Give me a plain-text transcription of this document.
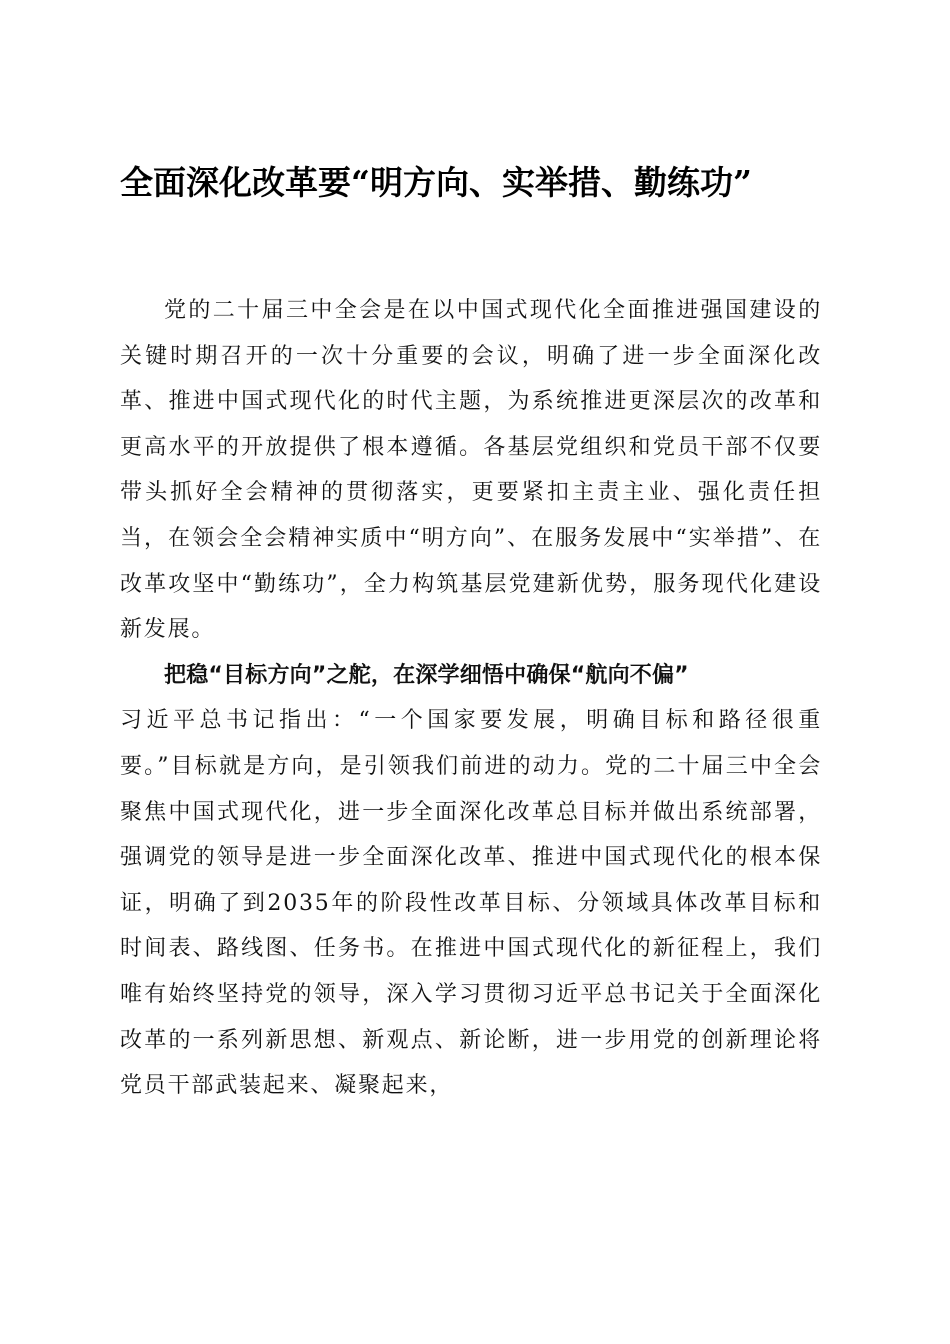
全面深化改革要“明方向、实举措、勤练功”

党的二十届三中全会是在以中国式现代化全面推进强国建设的关键时期召开的一次十分重要的会议，明确了进一步全面深化改革、推进中国式现代化的时代主题，为系统推进更深层次的改革和更高水平的开放提供了根本遵循。各基层党组织和党员干部不仅要带头抓好全会精神的贯彻落实，更要紧扣主责主业、强化责任担当，在领会全会精神实质中“明方向”、在服务发展中“实举措”、在改革攻坚中“勤练功”，全力构筑基层党建新优势，服务现代化建设新发展。

把稳“目标方向”之舵，在深学细悟中确保“航向不偏”

习近平总书记指出：“一个国家要发展，明确目标和路径很重要。”目标就是方向，是引领我们前进的动力。党的二十届三中全会聚焦中国式现代化，进一步全面深化改革总目标并做出系统部署，强调党的领导是进一步全面深化改革、推进中国式现代化的根本保证，明确了到2035年的阶段性改革目标、分领域具体改革目标和时间表、路线图、任务书。在推进中国式现代化的新征程上，我们唯有始终坚持党的领导，深入学习贯彻习近平总书记关于全面深化改革的一系列新思想、新观点、新论断，进一步用党的创新理论将党员干部武装起来、凝聚起来，
